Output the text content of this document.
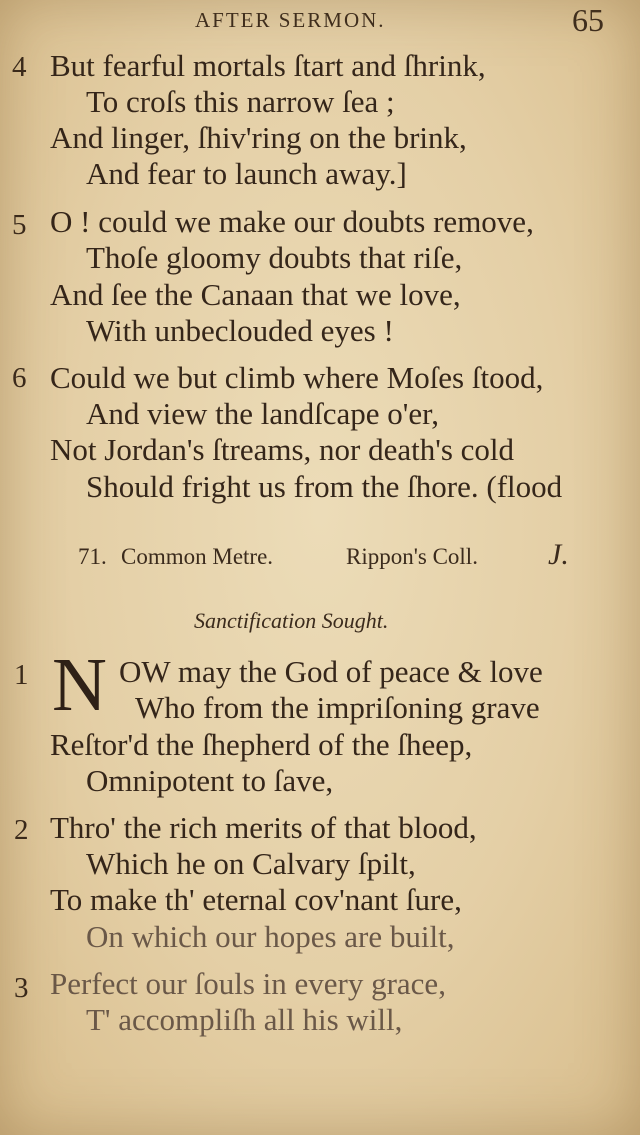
AFTER SERMON.	65
4 But fearful mortals ſtart and ſhrink,
To croſs this narrow ſea ;
And linger, ſhiv'ring on the brink,
And fear to launch away.]
5 O ! could we make our doubts remove,
Thoſe gloomy doubts that riſe,
And ſee the Canaan that we love,
With unbeclouded eyes !
6 Could we but climb where Moſes ſtood,
And view the landſcape o'er,
Not Jordan's ſtreams, nor death's cold
Should fright us from the ſhore. (flood
71. Common Metre.	Rippon's Coll. J.
Sanctification Sought.
1 N OW may the God of peace & love
Who from the impriſoning grave
Reſtor'd the ſhepherd of the ſheep,
Omnipotent to ſave,
2 Thro' the rich merits of that blood,
Which he on Calvary ſpilt,
To make th' eternal cov'nant ſure,
On which our hopes are built,
3 Perfect our ſouls in every grace,
T' accompliſh all his will,
